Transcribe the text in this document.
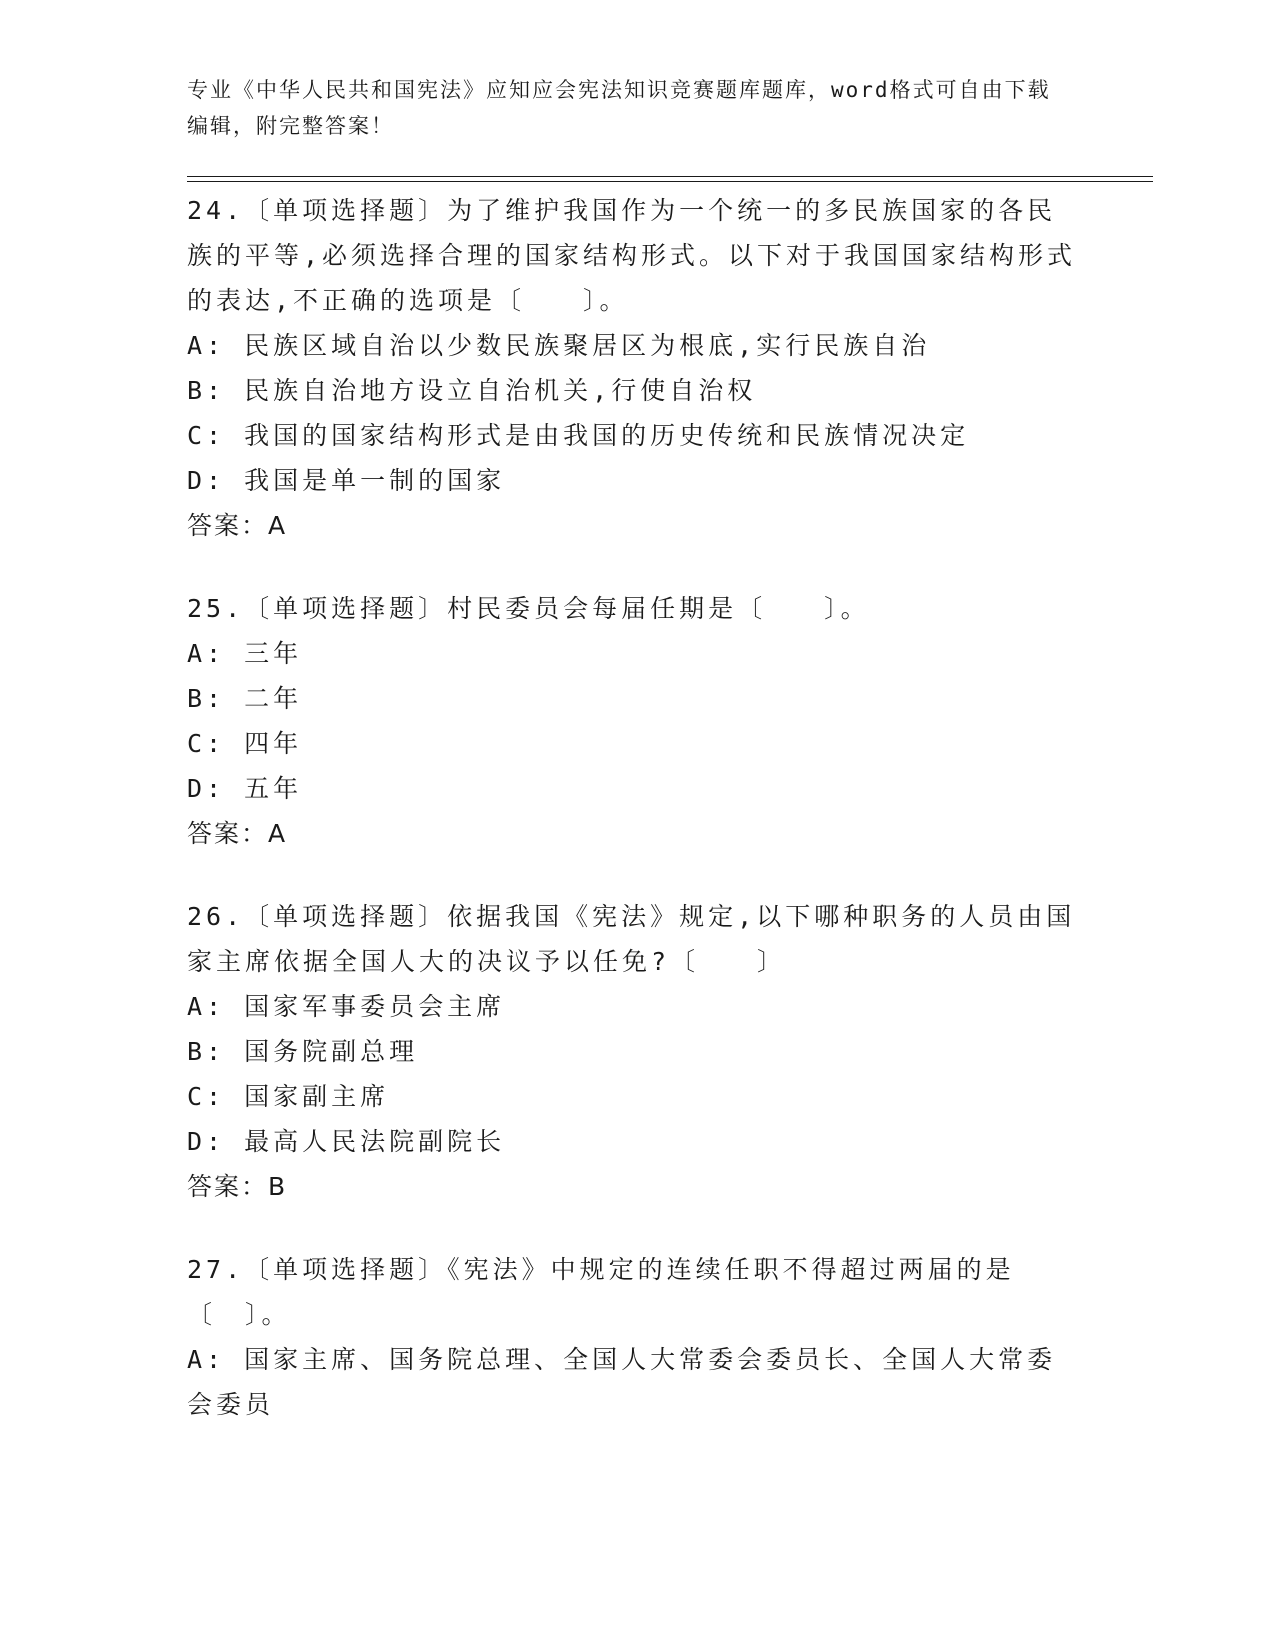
专业《中华人民共和国宪法》应知应会宪法知识竞赛题库题库，word格式可自由下载编辑，附完整答案！

24.〔单项选择题〕为了维护我国作为一个统一的多民族国家的各民族的平等,必须选择合理的国家结构形式。以下对于我国国家结构形式的表达,不正确的选项是〔　　〕。

A: 民族区域自治以少数民族聚居区为根底,实行民族自治

B: 民族自治地方设立自治机关,行使自治权

C: 我国的国家结构形式是由我国的历史传统和民族情况决定

D: 我国是单一制的国家

答案：A

25.〔单项选择题〕村民委员会每届任期是〔　　〕。

A: 三年

B: 二年

C: 四年

D: 五年

答案：A

26.〔单项选择题〕依据我国《宪法》规定,以下哪种职务的人员由国家主席依据全国人大的决议予以任免?〔　　〕

A: 国家军事委员会主席

B: 国务院副总理

C: 国家副主席

D: 最高人民法院副院长

答案：B

27.〔单项选择题〕《宪法》中规定的连续任职不得超过两届的是〔　〕。

A: 国家主席、国务院总理、全国人大常委会委员长、全国人大常委会委员
